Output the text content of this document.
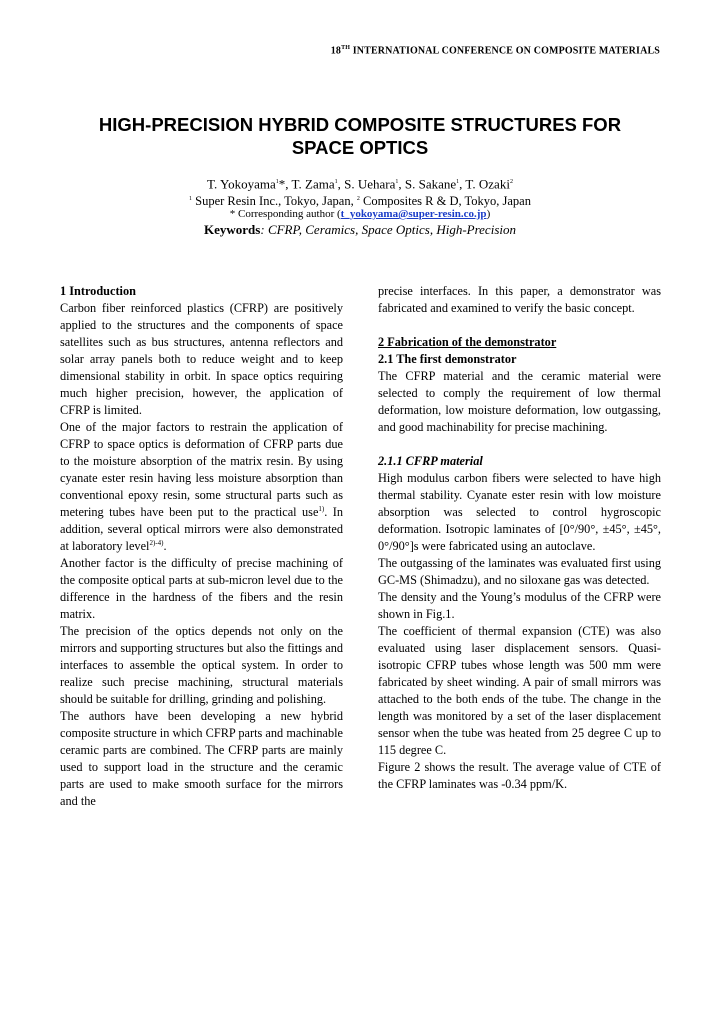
18TH INTERNATIONAL CONFERENCE ON COMPOSITE MATERIALS
HIGH-PRECISION HYBRID COMPOSITE STRUCTURES FOR
SPACE OPTICS
T. Yokoyama$^1$*, T. Zama$^1$, S. Uehara$^1$, S. Sakane$^1$, T. Ozaki$^2$
$^1$ Super Resin Inc., Tokyo, Japan, $^2$ Composites R & D, Tokyo, Japan
* Corresponding author (t_yokoyama@super-resin.co.jp)
Keywords: CFRP, Ceramics, Space Optics, High-Precision
1 Introduction

Carbon fiber reinforced plastics (CFRP) are positively applied to the structures and the components of space satellites such as bus structures, antenna reflectors and solar array panels both to reduce weight and to keep dimensional stability in orbit. In space optics requiring much higher precision, however, the application of CFRP is limited.

One of the major factors to restrain the application of CFRP to space optics is deformation of CFRP parts due to the moisture absorption of the matrix resin. By using cyanate ester resin having less moisture absorption than conventional epoxy resin, some structural parts such as metering tubes have been put to the practical use$^{1)}$. In addition, several optical mirrors were also demonstrated at laboratory level$^{2)-4)}$.

Another factor is the difficulty of precise machining of the composite optical parts at sub-micron level due to the difference in the hardness of the fibers and the resin matrix.

The precision of the optics depends not only on the mirrors and supporting structures but also the fittings and interfaces to assemble the optical system. In order to realize such precise machining, structural materials should be suitable for drilling, grinding and polishing.

The authors have been developing a new hybrid composite structure in which CFRP parts and machinable ceramic parts are combined. The CFRP parts are mainly used to support load in the structure and the ceramic parts are used to make smooth surface for the mirrors and the

precise interfaces. In this paper, a demonstrator was fabricated and examined to verify the basic concept.

2 Fabrication of the demonstrator
2.1 The first demonstrator

The CFRP material and the ceramic material were selected to comply the requirement of low thermal deformation, low moisture deformation, low outgassing, and good machinability for precise machining.

2.1.1 CFRP material

High modulus carbon fibers were selected to have high thermal stability. Cyanate ester resin with low moisture absorption was selected to control hygroscopic deformation. Isotropic laminates of [0°/90°, ±45°, ±45°, 0°/90°]s were fabricated using an autoclave.

The outgassing of the laminates was evaluated first using GC-MS (Shimadzu), and no siloxane gas was detected.

The density and the Young’s modulus of the CFRP were shown in Fig.1.

The coefficient of thermal expansion (CTE) was also evaluated using laser displacement sensors. Quasi-isotropic CFRP tubes whose length was 500 mm were fabricated by sheet winding. A pair of small mirrors was attached to the both ends of the tube. The change in the length was monitored by a set of the laser displacement sensor when the tube was heated from 25 degree C up to 115 degree C.

Figure 2 shows the result. The average value of CTE of the CFRP laminates was -0.34 ppm/K.
